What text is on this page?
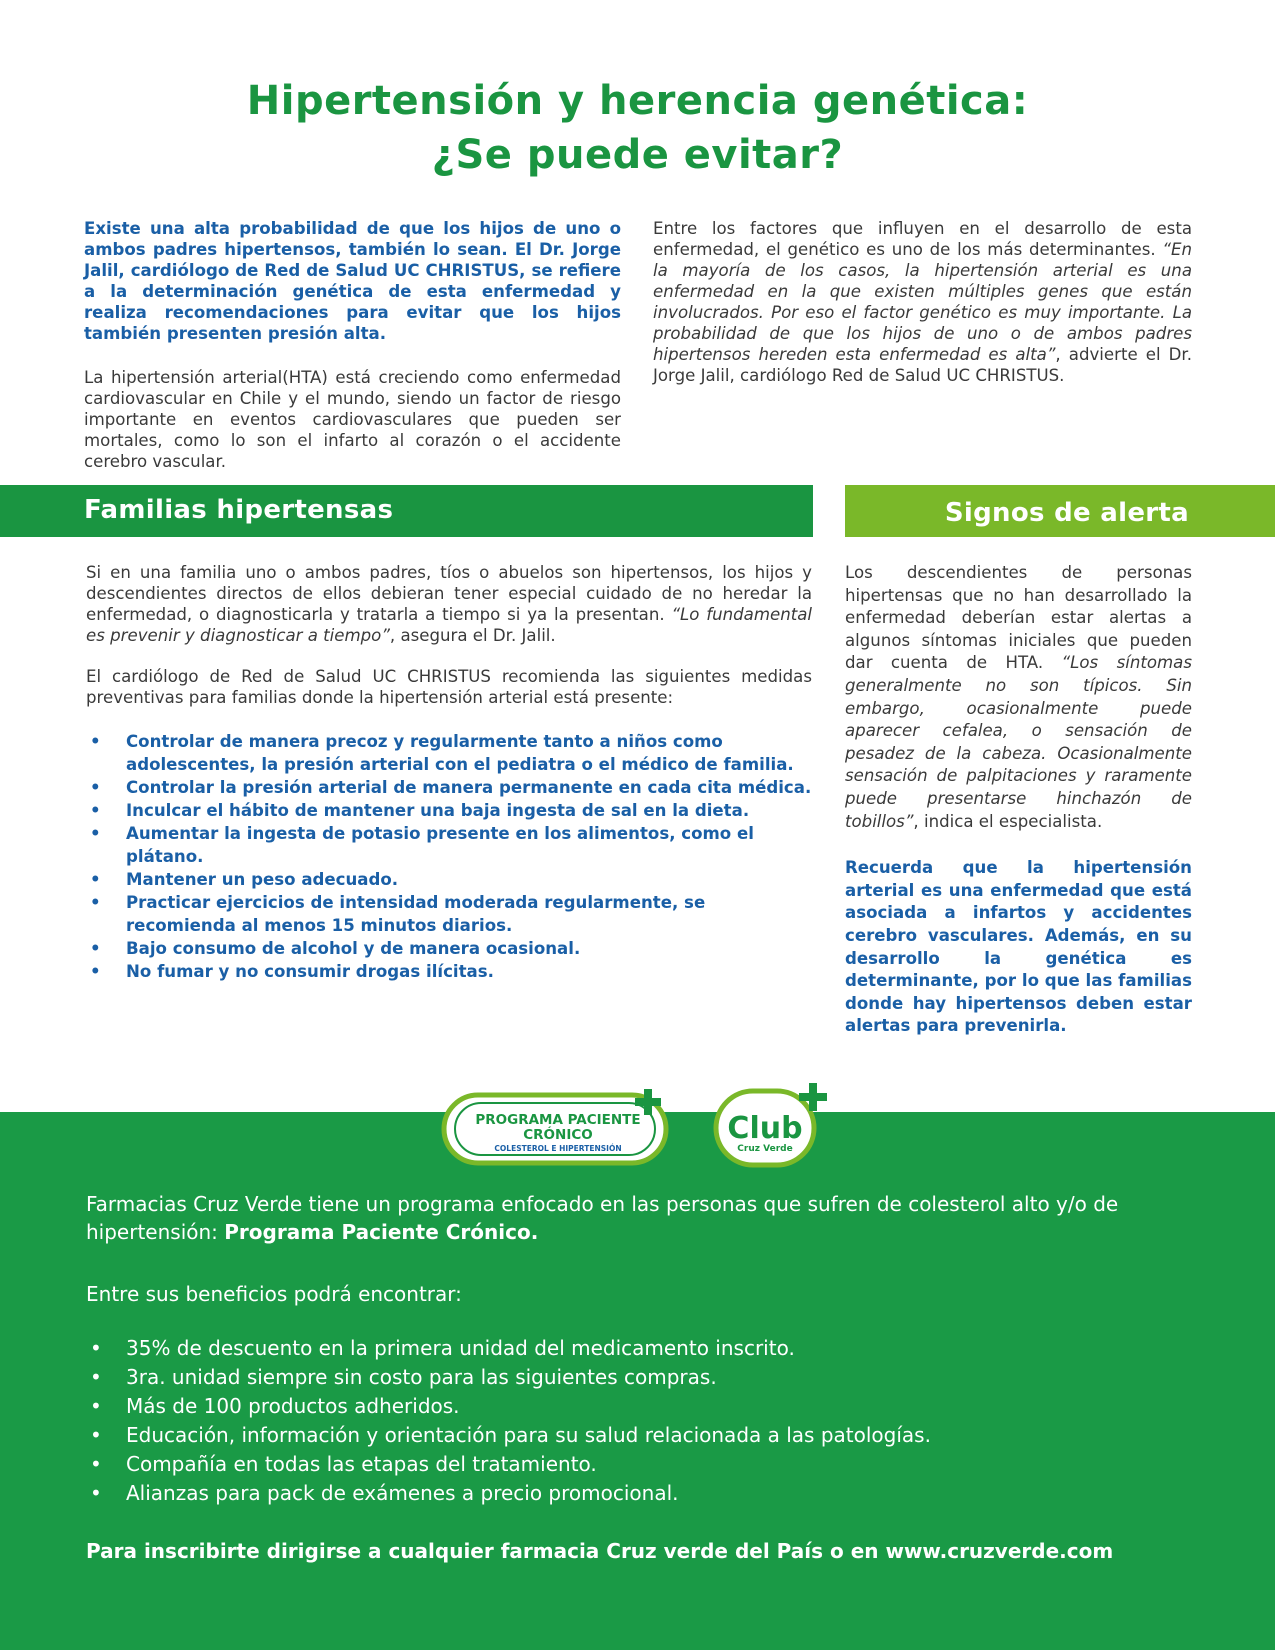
Hipertensión y herencia genética:
¿Se puede evitar?

Existe una alta probabilidad de que los hijos de uno o ambos padres hipertensos, también lo sean. El Dr. Jorge Jalil, cardiólogo de Red de Salud UC CHRISTUS, se refiere a la determinación genética de esta enfermedad y realiza recomendaciones para evitar que los hijos también presenten presión alta.

La hipertensión arterial(HTA) está creciendo como enfermedad cardiovascular en Chile y el mundo, siendo un factor de riesgo importante en eventos cardiovasculares que pueden ser mortales, como lo son el infarto al corazón o el accidente cerebro vascular.

Entre los factores que influyen en el desarrollo de esta enfermedad, el genético es uno de los más determinantes. “En la mayoría de los casos, la hipertensión arterial es una enfermedad en la que existen múltiples genes que están involucrados. Por eso el factor genético es muy importante. La probabilidad de que los hijos de uno o de ambos padres hipertensos hereden esta enfermedad es alta”, advierte el Dr. Jorge Jalil, cardiólogo Red de Salud UC CHRISTUS.

Familias hipertensas	Signos de alerta

Si en una familia uno o ambos padres, tíos o abuelos son hipertensos, los hijos y descendientes directos de ellos debieran tener especial cuidado de no heredar la enfermedad, o diagnosticarla y tratarla a tiempo si ya la presentan. “Lo fundamental es prevenir y diagnosticar a tiempo”, asegura el Dr. Jalil.

El cardiólogo de Red de Salud UC CHRISTUS recomienda las siguientes medidas preventivas para familias donde la hipertensión arterial está presente:

• Controlar de manera precoz y regularmente tanto a niños como adolescentes, la presión arterial con el pediatra o el médico de familia.
• Controlar la presión arterial de manera permanente en cada cita médica.
• Inculcar el hábito de mantener una baja ingesta de sal en la dieta.
• Aumentar la ingesta de potasio presente en los alimentos, como el plátano.
• Mantener un peso adecuado.
• Practicar ejercicios de intensidad moderada regularmente, se recomienda al menos 15 minutos diarios.
• Bajo consumo de alcohol y de manera ocasional.
• No fumar y no consumir drogas ilícitas.

Los descendientes de personas hipertensas que no han desarrollado la enfermedad deberían estar alertas a algunos síntomas iniciales que pueden dar cuenta de HTA. “Los síntomas generalmente no son típicos. Sin embargo, ocasionalmente puede aparecer cefalea, o sensación de pesadez de la cabeza. Ocasionalmente sensación de palpitaciones y raramente puede presentarse hinchazón de tobillos”, indica el especialista.

Recuerda que la hipertensión arterial es una enfermedad que está asociada a infartos y accidentes cerebro vasculares. Además, en su desarrollo la genética es determinante, por lo que las familias donde hay hipertensos deben estar alertas para prevenirla.

Farmacias Cruz Verde tiene un programa enfocado en las personas que sufren de colesterol alto y/o de hipertensión: Programa Paciente Crónico.
Entre sus beneficios podrá encontrar:
• 35% de descuento en la primera unidad del medicamento inscrito.
• 3ra. unidad siempre sin costo para las siguientes compras.
• Más de 100 productos adheridos.
• Educación, información y orientación para su salud relacionada a las patologías.
• Compañía en todas las etapas del tratamiento.
• Alianzas para pack de exámenes a precio promocional.
Para inscribirte dirigirse a cualquier farmacia Cruz verde del País o en www.cruzverde.com
PROGRAMA PACIENTE
CRÓNICO
COLESTEROL E HIPERTENSIÓN
Club
Cruz Verde
